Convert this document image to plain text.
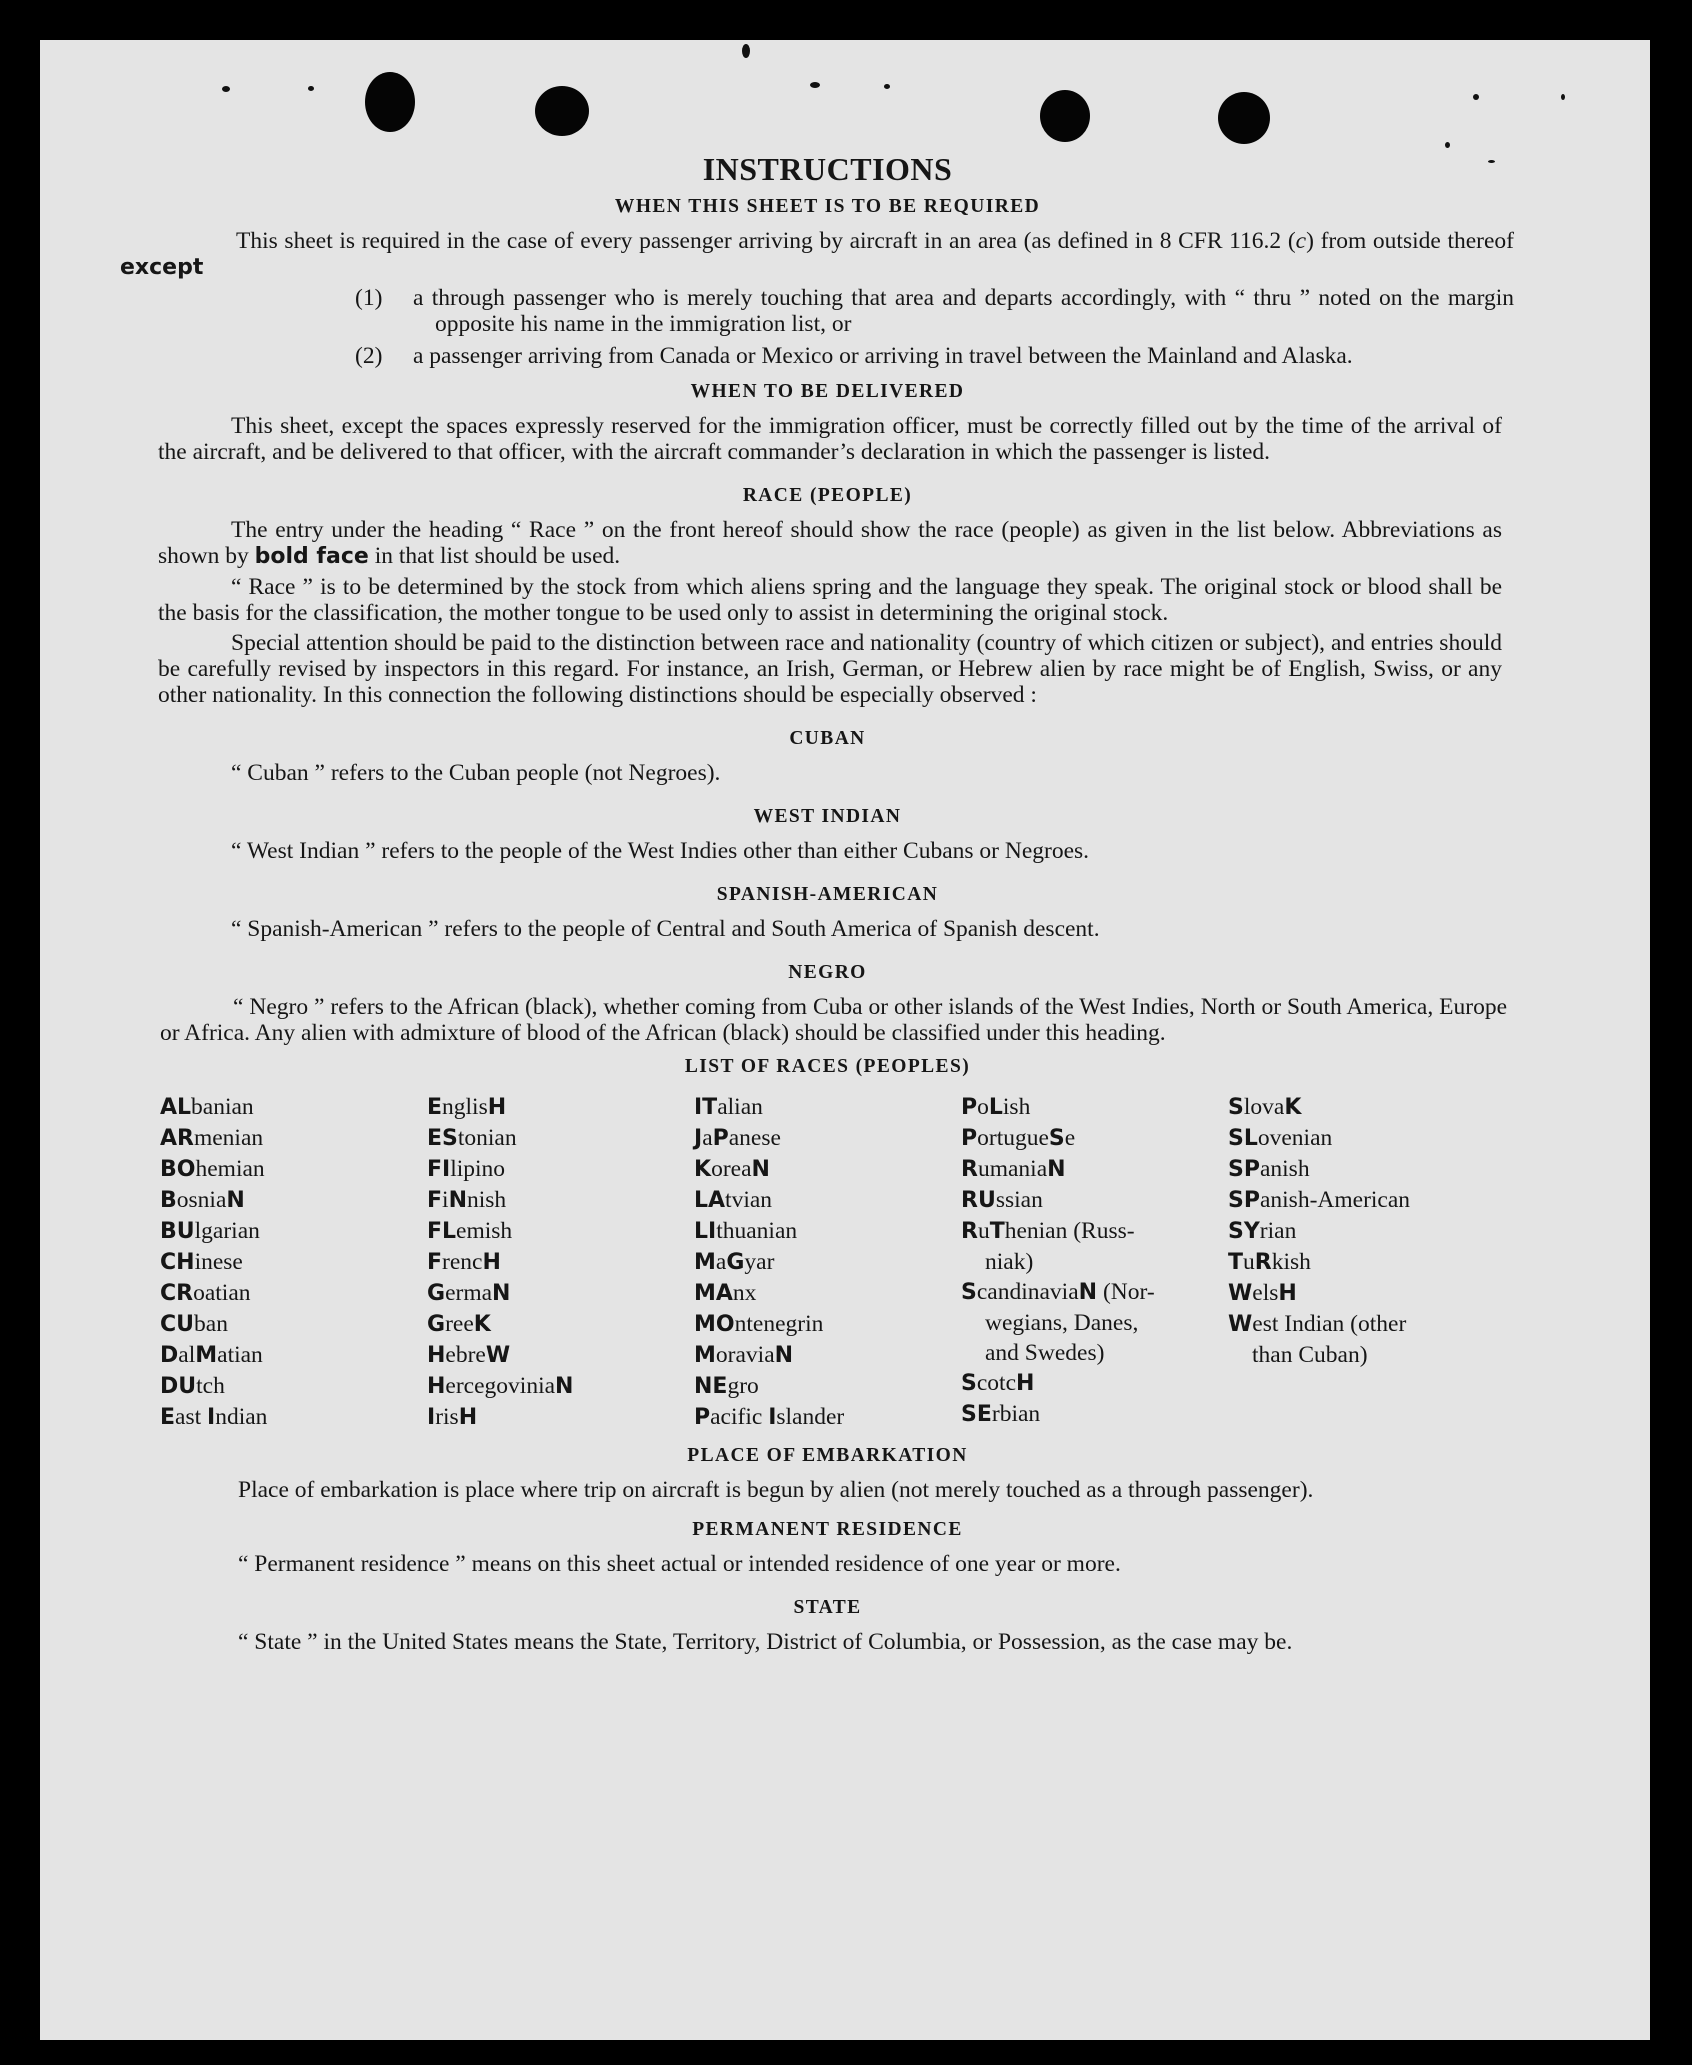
INSTRUCTIONS
WHEN THIS SHEET IS TO BE REQUIRED

This sheet is required in the case of every passenger arriving by aircraft in an area (as defined in 8 CFR 116.2 (c) from outside thereof except

(1)	a through passenger who is merely touching that area and departs accordingly, with “ thru ” noted on the margin opposite his name in the immigration list, or
(2)	a passenger arriving from Canada or Mexico or arriving in travel between the Mainland and Alaska.
WHEN TO BE DELIVERED

This sheet, except the spaces expressly reserved for the immigration officer, must be correctly filled out by the time of the arrival of the aircraft, and be delivered to that officer, with the aircraft commander’s declaration in which the passenger is listed.

RACE (PEOPLE)

The entry under the heading “ Race ” on the front hereof should show the race (people) as given in the list below. Abbreviations as shown by bold face in that list should be used.

“ Race ” is to be determined by the stock from which aliens spring and the language they speak. The original stock or blood shall be the basis for the classification, the mother tongue to be used only to assist in determining the original stock.

Special attention should be paid to the distinction between race and nationality (country of which citizen or subject), and entries should be carefully revised by inspectors in this regard. For instance, an Irish, German, or Hebrew alien by race might be of English, Swiss, or any other nationality. In this connection the following distinctions should be especially observed :

CUBAN

“ Cuban ” refers to the Cuban people (not Negroes).

WEST INDIAN

“ West Indian ” refers to the people of the West Indies other than either Cubans or Negroes.

SPANISH-AMERICAN

“ Spanish-American ” refers to the people of Central and South America of Spanish descent.

NEGRO

“ Negro ” refers to the African (black), whether coming from Cuba or other islands of the West Indies, North or South America, Europe or Africa. Any alien with admixture of blood of the African (black) should be classified under this heading.

LIST OF RACES (PEOPLES)
ALbanian
ARmenian
BOhemian
BosniaN
BUlgarian
CHinese
CRoatian
CUban
DalMatian
DUtch
East Indian
EnglisH
EStonian
FIlipino
FiNnish
FLemish
FrencH
GermaN
GreeK
HebreW
HercegoviniaN
IrisH
ITalian
JaPanese
KoreaN
LAtvian
LIthuanian
MaGyar
MAnx
MOntenegrin
MoraviaN
NEgro
Pacific Islander
PoLish
PortugueSe
RumaniaN
RUssian
RuThenian (Russ-
niak)
ScandinaviaN (Nor-
wegians, Danes,
and Swedes)
ScotcH
SErbian
SlovaK
SLovenian
SPanish
SPanish-American
SYrian
TuRkish
WelsH
West Indian (other
than Cuban)
PLACE OF EMBARKATION

Place of embarkation is place where trip on aircraft is begun by alien (not merely touched as a through passenger).

PERMANENT RESIDENCE

“ Permanent residence ” means on this sheet actual or intended residence of one year or more.

STATE

“ State ” in the United States means the State, Territory, District of Columbia, or Possession, as the case may be.
